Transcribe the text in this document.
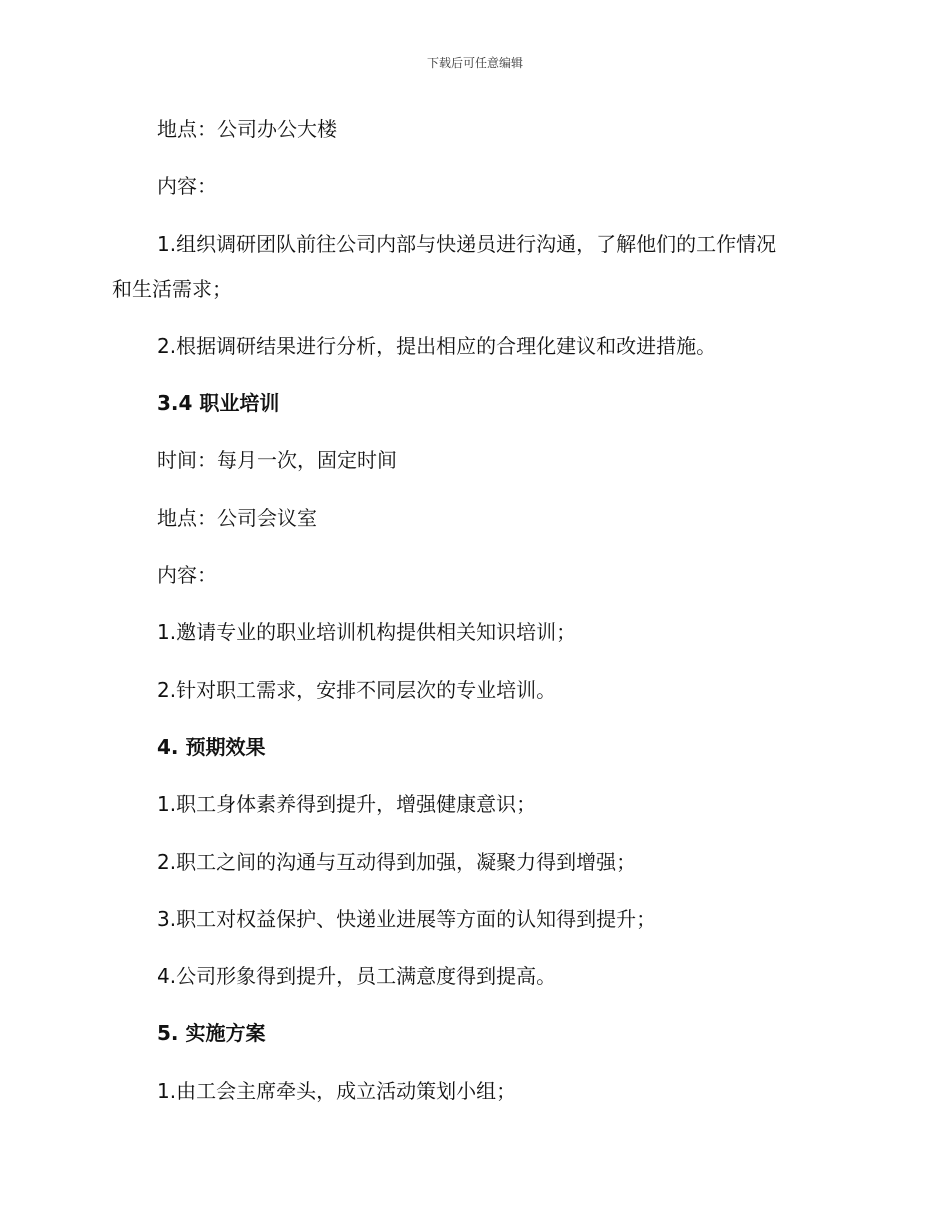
下载后可任意编辑
地点：公司办公大楼
内容：
1.组织调研团队前往公司内部与快递员进行沟通，了解他们的工作情况
和生活需求；
2.根据调研结果进行分析，提出相应的合理化建议和改进措施。
3.4 职业培训
时间：每月一次，固定时间
地点：公司会议室
内容：
1.邀请专业的职业培训机构提供相关知识培训；
2.针对职工需求，安排不同层次的专业培训。
4. 预期效果
1.职工身体素养得到提升，增强健康意识；
2.职工之间的沟通与互动得到加强，凝聚力得到增强；
3.职工对权益保护、快递业进展等方面的认知得到提升；
4.公司形象得到提升，员工满意度得到提高。
5. 实施方案
1.由工会主席牵头，成立活动策划小组；
